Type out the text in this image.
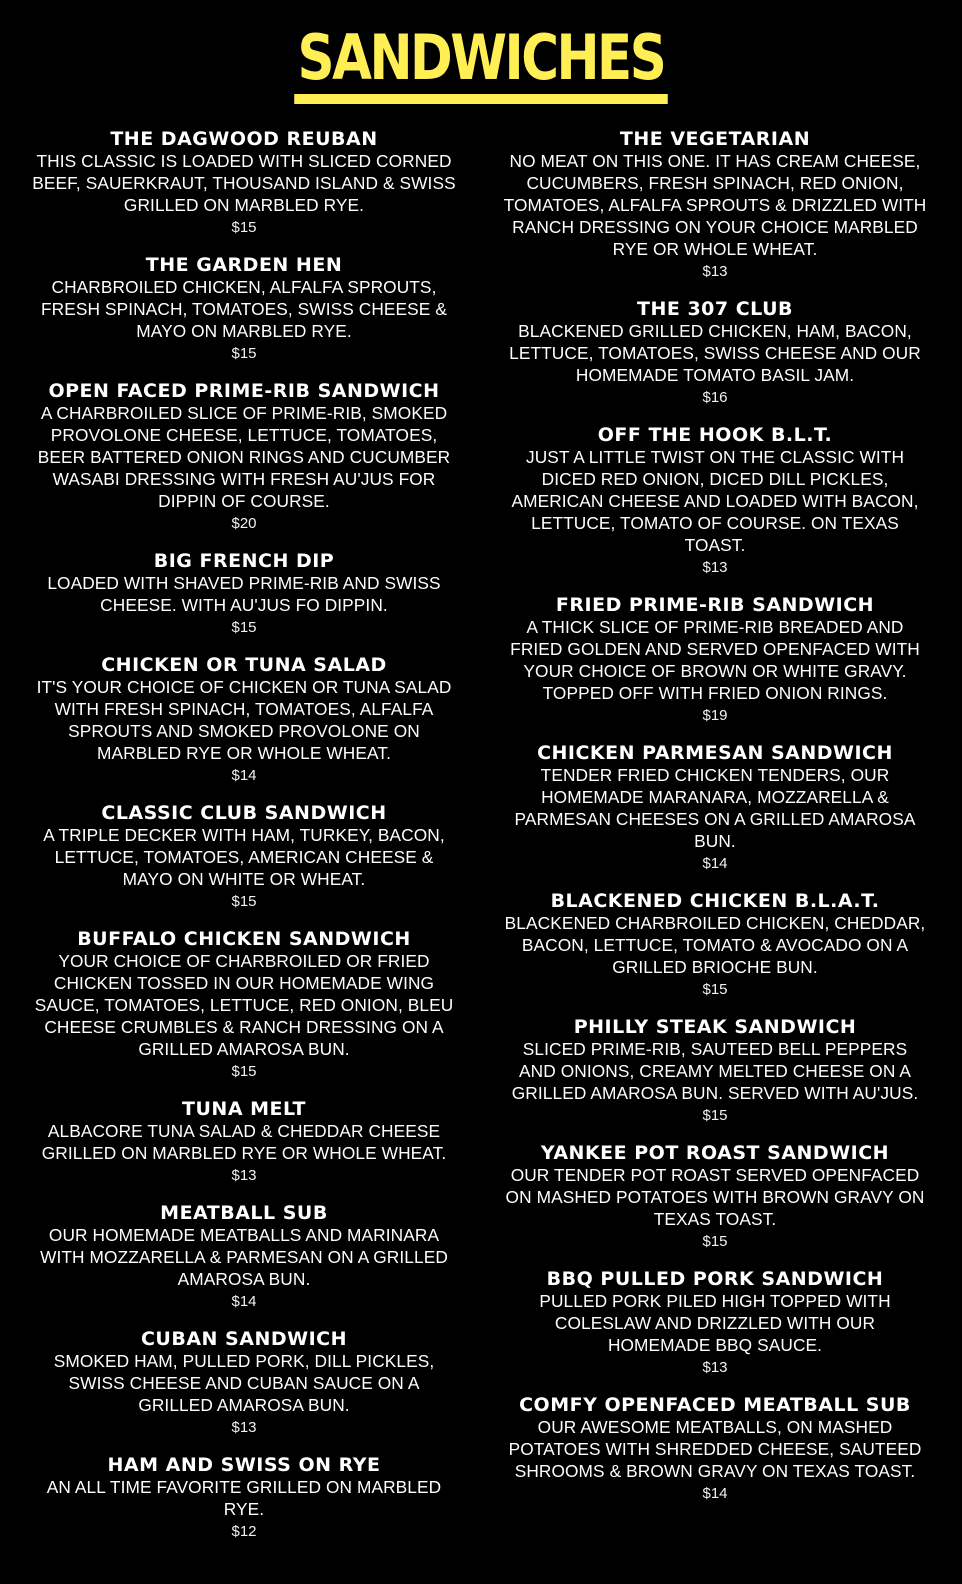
SANDWICHES
THE DAGWOOD REUBAN
THIS CLASSIC IS LOADED WITH SLICED CORNED BEEF, SAUERKRAUT, THOUSAND ISLAND & SWISS GRILLED ON MARBLED RYE.
$15
THE GARDEN HEN
CHARBROILED CHICKEN, ALFALFA SPROUTS, FRESH SPINACH, TOMATOES, SWISS CHEESE & MAYO ON MARBLED RYE.
$15
OPEN FACED PRIME-RIB SANDWICH
A CHARBROILED SLICE OF PRIME-RIB, SMOKED PROVOLONE CHEESE, LETTUCE, TOMATOES, BEER BATTERED ONION RINGS AND CUCUMBER WASABI DRESSING WITH FRESH AU'JUS FOR DIPPIN OF COURSE.
$20
BIG FRENCH DIP
LOADED WITH SHAVED PRIME-RIB AND SWISS CHEESE. WITH AU'JUS FO DIPPIN.
$15
CHICKEN OR TUNA SALAD
IT'S YOUR CHOICE OF CHICKEN OR TUNA SALAD WITH FRESH SPINACH, TOMATOES, ALFALFA SPROUTS AND SMOKED PROVOLONE ON MARBLED RYE OR WHOLE WHEAT.
$14
CLASSIC CLUB SANDWICH
A TRIPLE DECKER WITH HAM, TURKEY, BACON, LETTUCE, TOMATOES, AMERICAN CHEESE & MAYO ON WHITE OR WHEAT.
$15
BUFFALO CHICKEN SANDWICH
YOUR CHOICE OF CHARBROILED OR FRIED CHICKEN TOSSED IN OUR HOMEMADE WING SAUCE, TOMATOES, LETTUCE, RED ONION, BLEU CHEESE CRUMBLES & RANCH DRESSING ON A GRILLED AMAROSA BUN.
$15
TUNA MELT
ALBACORE TUNA SALAD & CHEDDAR CHEESE GRILLED ON MARBLED RYE OR WHOLE WHEAT.
$13
MEATBALL SUB
OUR HOMEMADE MEATBALLS AND MARINARA WITH MOZZARELLA & PARMESAN ON A GRILLED AMAROSA BUN.
$14
CUBAN SANDWICH
SMOKED HAM, PULLED PORK, DILL PICKLES, SWISS CHEESE AND CUBAN SAUCE ON A GRILLED AMAROSA BUN.
$13
HAM AND SWISS ON RYE
AN ALL TIME FAVORITE GRILLED ON MARBLED RYE.
$12
THE VEGETARIAN
NO MEAT ON THIS ONE. IT HAS CREAM CHEESE, CUCUMBERS, FRESH SPINACH, RED ONION, TOMATOES, ALFALFA SPROUTS & DRIZZLED WITH RANCH DRESSING ON YOUR CHOICE MARBLED RYE OR WHOLE WHEAT.
$13
THE 307 CLUB
BLACKENED GRILLED CHICKEN, HAM, BACON, LETTUCE, TOMATOES, SWISS CHEESE AND OUR HOMEMADE TOMATO BASIL JAM.
$16
OFF THE HOOK B.L.T.
JUST A LITTLE TWIST ON THE CLASSIC WITH DICED RED ONION, DICED DILL PICKLES, AMERICAN CHEESE AND LOADED WITH BACON, LETTUCE, TOMATO OF COURSE. ON TEXAS TOAST.
$13
FRIED PRIME-RIB SANDWICH
A THICK SLICE OF PRIME-RIB BREADED AND FRIED GOLDEN AND SERVED OPENFACED WITH YOUR CHOICE OF BROWN OR WHITE GRAVY. TOPPED OFF WITH FRIED ONION RINGS.
$19
CHICKEN PARMESAN SANDWICH
TENDER FRIED CHICKEN TENDERS, OUR HOMEMADE MARANARA, MOZZARELLA & PARMESAN CHEESES ON A GRILLED AMAROSA BUN.
$14
BLACKENED CHICKEN B.L.A.T.
BLACKENED CHARBROILED CHICKEN, CHEDDAR, BACON, LETTUCE, TOMATO & AVOCADO ON A GRILLED BRIOCHE BUN.
$15
PHILLY STEAK SANDWICH
SLICED PRIME-RIB, SAUTEED BELL PEPPERS AND ONIONS, CREAMY MELTED CHEESE ON A GRILLED AMAROSA BUN. SERVED WITH AU'JUS.
$15
YANKEE POT ROAST SANDWICH
OUR TENDER POT ROAST SERVED OPENFACED ON MASHED POTATOES WITH BROWN GRAVY ON TEXAS TOAST.
$15
BBQ PULLED PORK SANDWICH
PULLED PORK PILED HIGH TOPPED WITH COLESLAW AND DRIZZLED WITH OUR HOMEMADE BBQ SAUCE.
$13
COMFY OPENFACED MEATBALL SUB
OUR AWESOME MEATBALLS, ON MASHED POTATOES WITH SHREDDED CHEESE, SAUTEED SHROOMS & BROWN GRAVY ON TEXAS TOAST.
$14
